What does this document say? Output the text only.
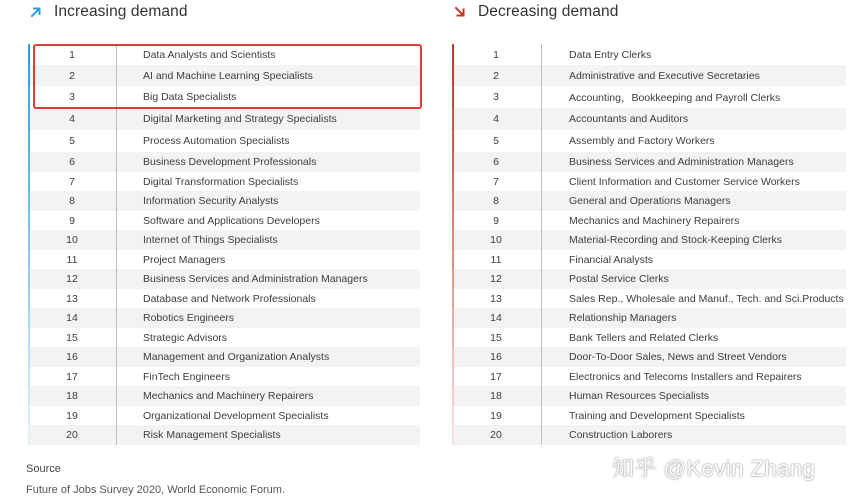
Increasing demand
1	Data Analysts and Scientists
2	AI and Machine Learning Specialists
3	Big Data Specialists
4	Digital Marketing and Strategy Specialists
5	Process Automation Specialists
6	Business Development Professionals
7	Digital Transformation Specialists
8	Information Security Analysts
9	Software and Applications Developers
10	Internet of Things Specialists
11	Project Managers
12	Business Services and Administration Managers
13	Database and Network Professionals
14	Robotics Engineers
15	Strategic Advisors
16	Management and Organization Analysts
17	FinTech Engineers
18	Mechanics and Machinery Repairers
19	Organizational Development Specialists
20	Risk Management Specialists
Decreasing demand
1	Data Entry Clerks
2	Administrative and Executive Secretaries
3	Accounting，Bookkeeping and Payroll Clerks
4	Accountants and Auditors
5	Assembly and Factory Workers
6	Business Services and Administration Managers
7	Client Information and Customer Service Workers
8	General and Operations Managers
9	Mechanics and Machinery Repairers
10	Material-Recording and Stock-Keeping Clerks
11	Financial Analysts
12	Postal Service Clerks
13	Sales Rep., Wholesale and Manuf., Tech. and Sci.Products
14	Relationship Managers
15	Bank Tellers and Related Clerks
16	Door-To-Door Sales, News and Street Vendors
17	Electronics and Telecoms Installers and Repairers
18	Human Resources Specialists
19	Training and Development Specialists
20	Construction Laborers
Source
Future of Jobs Survey 2020, World Economic Forum.
知乎 @Kevin Zhang
